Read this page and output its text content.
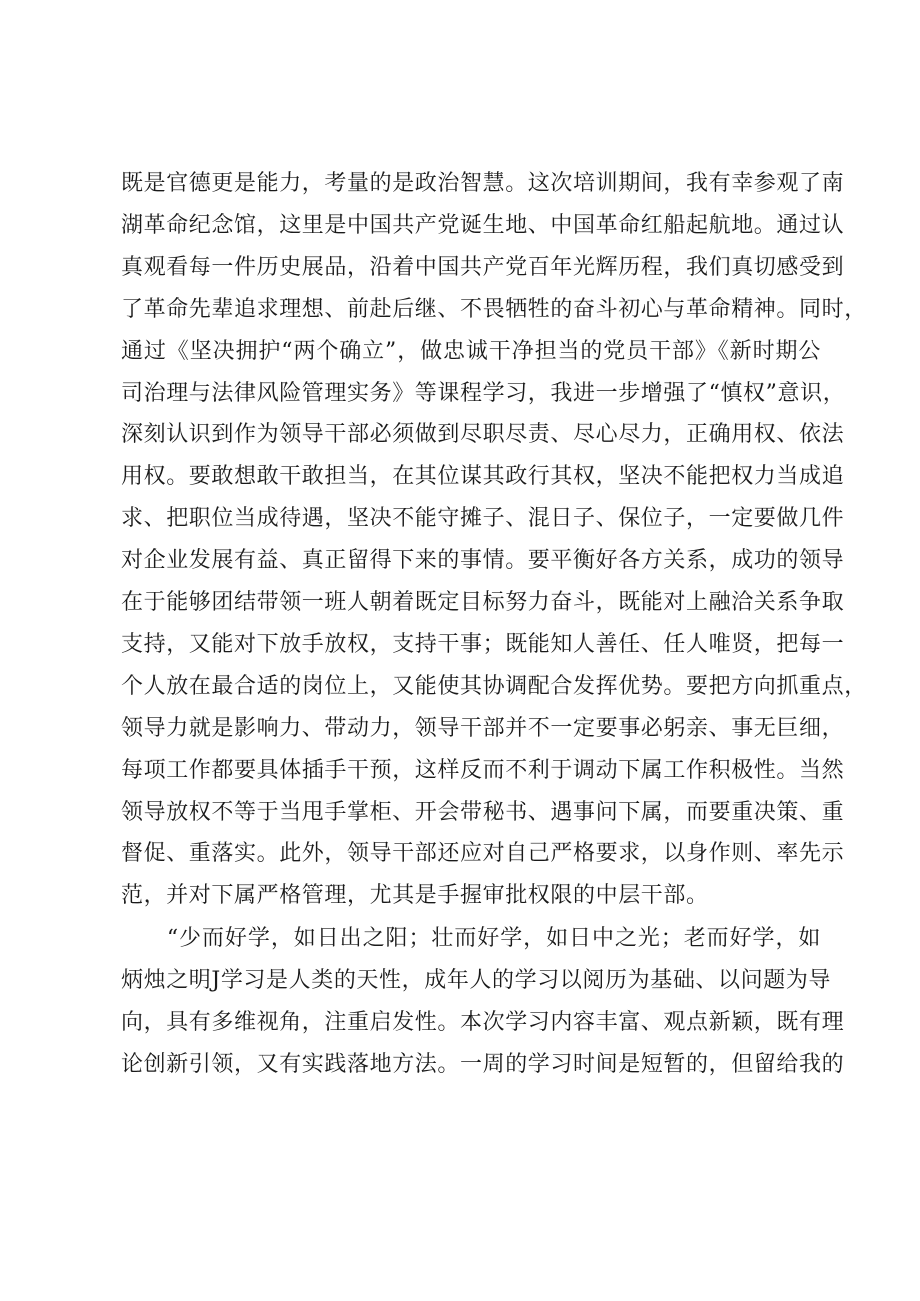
既是官德更是能力，考量的是政治智慧。这次培训期间，我有幸参观了南
湖革命纪念馆，这里是中国共产党诞生地、中国革命红船起航地。通过认
真观看每一件历史展品，沿着中国共产党百年光辉历程，我们真切感受到
了革命先辈追求理想、前赴后继、不畏牺牲的奋斗初心与革命精神。同时，
通过《坚决拥护“两个确立”，做忠诚干净担当的党员干部》《新时期公
司治理与法律风险管理实务》等课程学习，我进一步增强了“慎权”意识，
深刻认识到作为领导干部必须做到尽职尽责、尽心尽力，正确用权、依法
用权。要敢想敢干敢担当，在其位谋其政行其权，坚决不能把权力当成追
求、把职位当成待遇，坚决不能守摊子、混日子、保位子，一定要做几件
对企业发展有益、真正留得下来的事情。要平衡好各方关系，成功的领导
在于能够团结带领一班人朝着既定目标努力奋斗，既能对上融洽关系争取
支持，又能对下放手放权，支持干事；既能知人善任、任人唯贤，把每一
个人放在最合适的岗位上，又能使其协调配合发挥优势。要把方向抓重点，
领导力就是影响力、带动力，领导干部并不一定要事必躬亲、事无巨细，
每项工作都要具体插手干预，这样反而不利于调动下属工作积极性。当然
领导放权不等于当甩手掌柜、开会带秘书、遇事问下属，而要重决策、重
督促、重落实。此外，领导干部还应对自己严格要求，以身作则、率先示
范，并对下属严格管理，尤其是手握审批权限的中层干部。
　　“少而好学，如日出之阳；壮而好学，如日中之光；老而好学，如
炳烛之明J学习是人类的天性，成年人的学习以阅历为基础、以问题为导
向，具有多维视角，注重启发性。本次学习内容丰富、观点新颖，既有理
论创新引领，又有实践落地方法。一周的学习时间是短暂的，但留给我的
